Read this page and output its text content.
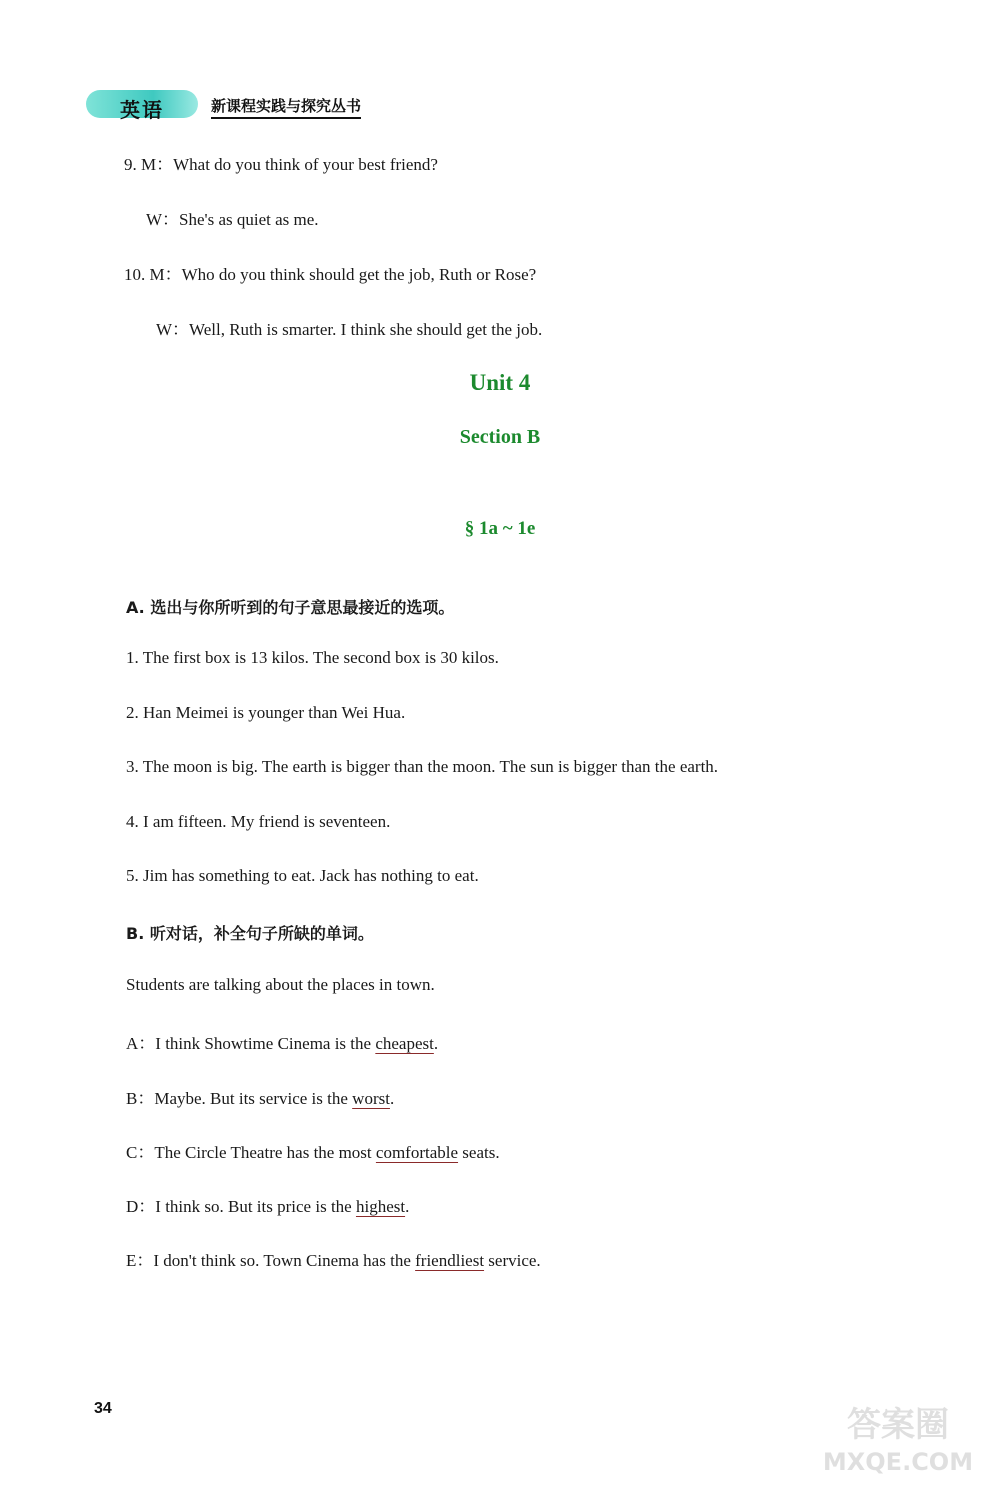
英语	新课程实践与探究丛书
9. M：What do you think of your best friend?
W：She's as quiet as me.
10. M：Who do you think should get the job, Ruth or Rose?
W：Well, Ruth is smarter. I think she should get the job.
Unit 4
Section B
§ 1a ~ 1e
A. 选出与你所听到的句子意思最接近的选项。
1. The first box is 13 kilos. The second box is 30 kilos.
2. Han Meimei is younger than Wei Hua.
3. The moon is big. The earth is bigger than the moon. The sun is bigger than the earth.
4. I am fifteen. My friend is seventeen.
5. Jim has something to eat. Jack has nothing to eat.
B. 听对话，补全句子所缺的单词。
Students are talking about the places in town.
A：I think Showtime Cinema is the cheapest.
B：Maybe. But its service is the worst.
C：The Circle Theatre has the most comfortable seats.
D：I think so. But its price is the highest.
E：I don't think so. Town Cinema has the friendliest service.
34	答案圈
MXQE.COM
